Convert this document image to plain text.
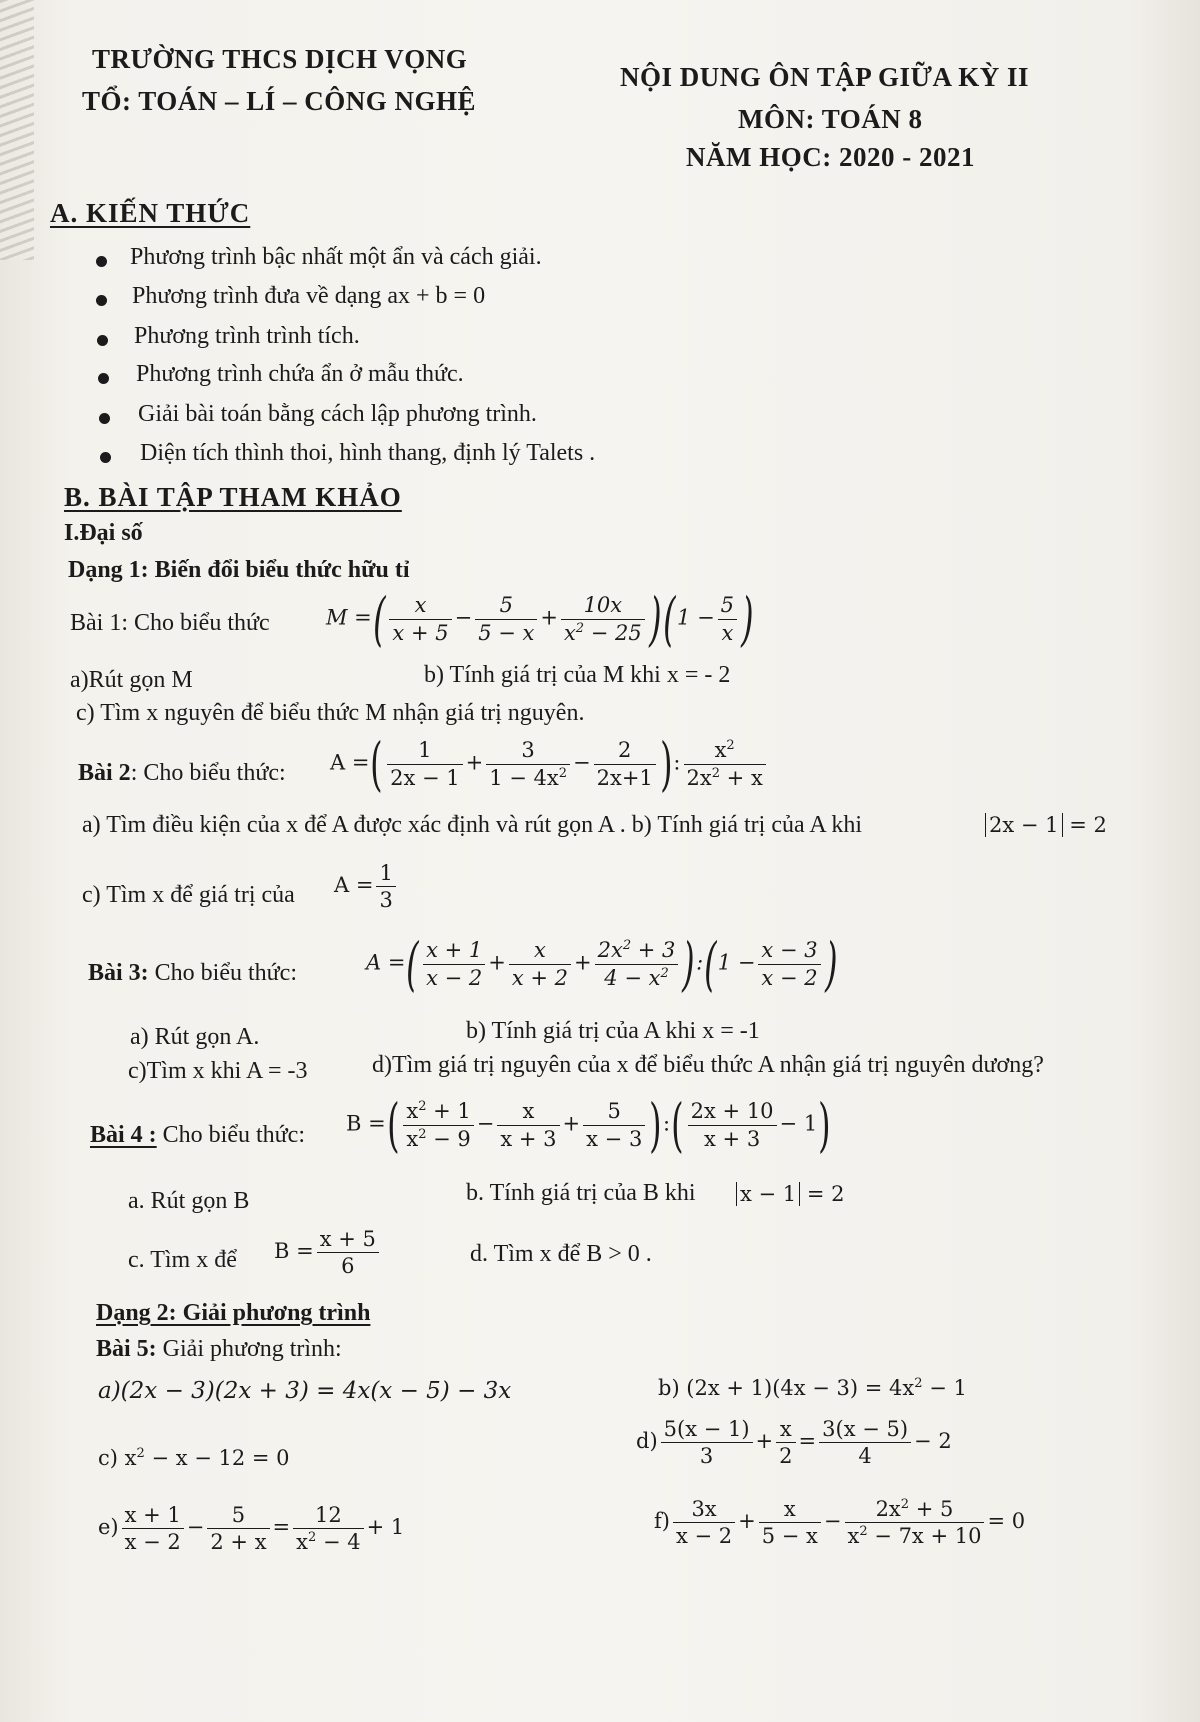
TRƯỜNG THCS DỊCH VỌNG
TỔ: TOÁN – LÍ – CÔNG NGHỆ
NỘI DUNG ÔN TẬP GIỮA KỲ II
MÔN: TOÁN 8
NĂM HỌC: 2020 - 2021
A. KIẾN THỨC
Phương trình bậc nhất một ẩn và cách giải.
Phương trình đưa về dạng ax + b = 0
Phương trình trình tích.
Phương trình chứa ẩn ở mẫu thức.
Giải bài toán bằng cách lập phương trình.
Diện tích thình thoi, hình thang, định lý Talets .
B. BÀI TẬP THAM KHẢO
I.Đại số
Dạng 1: Biến đổi biểu thức hữu tỉ
Bài 1: Cho biểu thức	M =( $\frac{x}{x + 5} - \frac{5}{5 - x} + \frac{10x}{x^2 - 25} )(1 - \frac{5}{x}$ )
a)Rút gọn M	b) Tính giá trị của M khi x = - 2
c) Tìm x nguyên để biểu thức M nhận giá trị nguyên.
Bài 2: Cho biểu thức: A =( $\frac{1}{2x - 1} + \frac{3}{1 - 4x^2} - \frac{2}{2x+1}$ ): $\frac{x^2}{2x^2 + x}$
a) Tìm điều kiện của x để A được xác định và rút gọn A . b) Tính giá trị của A khi	2x − 1 = 2
c) Tìm x để giá trị của $A = \frac{1}{3}$
Bài 3: Cho biểu thức:	A =( $\frac{x + 1}{x - 2} + \frac{x}{x + 2} + \frac{2x^2 + 3}{4 - x^2}$ ):(1 − $\frac{x - 3}{x - 2}$ )
a) Rút gọn A.	b) Tính giá trị của A khi x = -1
c)Tìm x khi A = -3	d)Tìm giá trị nguyên của x để biểu thức A nhận giá trị nguyên dương?
Bài 4 : Cho biểu thức: B =( $\frac{x^2 + 1}{x^2 - 9} - \frac{x}{x + 3} + \frac{5}{x - 3}$ ):( $\frac{2x + 10}{x + 3} - 1$)
a. Rút gọn B	b. Tính giá trị của B khi x − 1 = 2
c. Tìm x để $B = \frac{x + 5}{6}$	d. Tìm x để B > 0 .
Dạng 2: Giải phương trình
Bài 5: Giải phương trình:
a)(2x − 3)(2x + 3) = 4x(x − 5) − 3x	b) $(2x + 1)(4x - 3) = 4x^2 - 1$
c) $x^2 - x - 12 = 0$
$d) \frac{5(x - 1)}{3} + \frac{x}{2} = \frac{3(x - 5)}{4} - 2$
$e) \frac{x + 1}{x - 2} - \frac{5}{2 + x} = \frac{12}{x^2 - 4} + 1$	$f) \frac{3x}{x - 2} + \frac{x}{5 - x} - \frac{2x^2 + 5}{x^2 - 7x + 10} = 0$
